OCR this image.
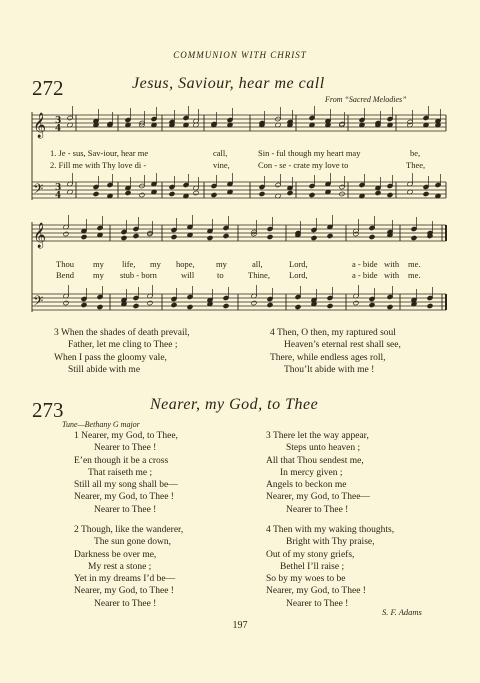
COMMUNION WITH CHRIST
272	Jesus, Saviour, hear me call
From “Sacred Melodies”
𝄞
𝄢
𝄞
𝄢
3
4
3
4
1. Je - sus, Sav-iour, hear me	call,	Sin - ful though my heart may	be,
2. Fill me with Thy love di -	vine,	Con - se - crate my love to	Thee,
Thou my life, my hope,	my	all,	Lord,	a - bide with me.
Bend my stub - born	will	to	Thine, Lord,	a - bide with me.
3 When the shades of death prevail,
Father, let me cling to Thee ;
When I pass the gloomy vale,
Still abide with me
4 Then, O then, my raptured soul
Heaven’s eternal rest shall see,
There, while endless ages roll,
Thou’lt abide with me !
273	Nearer, my God, to Thee
Tune—Bethany G major
1 Nearer, my God, to Thee,
Nearer to Thee !
E’en though it be a cross
That raiseth me ;
Still all my song shall be—
Nearer, my God, to Thee !
Nearer to Thee !
2 Though, like the wanderer,
The sun gone down,
Darkness be over me,
My rest a stone ;
Yet in my dreams I’d be—
Nearer, my God, to Thee !
Nearer to Thee !
3 There let the way appear,
Steps unto heaven ;
All that Thou sendest me,
In mercy given ;
Angels to beckon me
Nearer, my God, to Thee—
Nearer to Thee !
4 Then with my waking thoughts,
Bright with Thy praise,
Out of my stony griefs,
Bethel I’ll raise ;
So by my woes to be
Nearer, my God, to Thee !
Nearer to Thee !
S. F. Adams
197
